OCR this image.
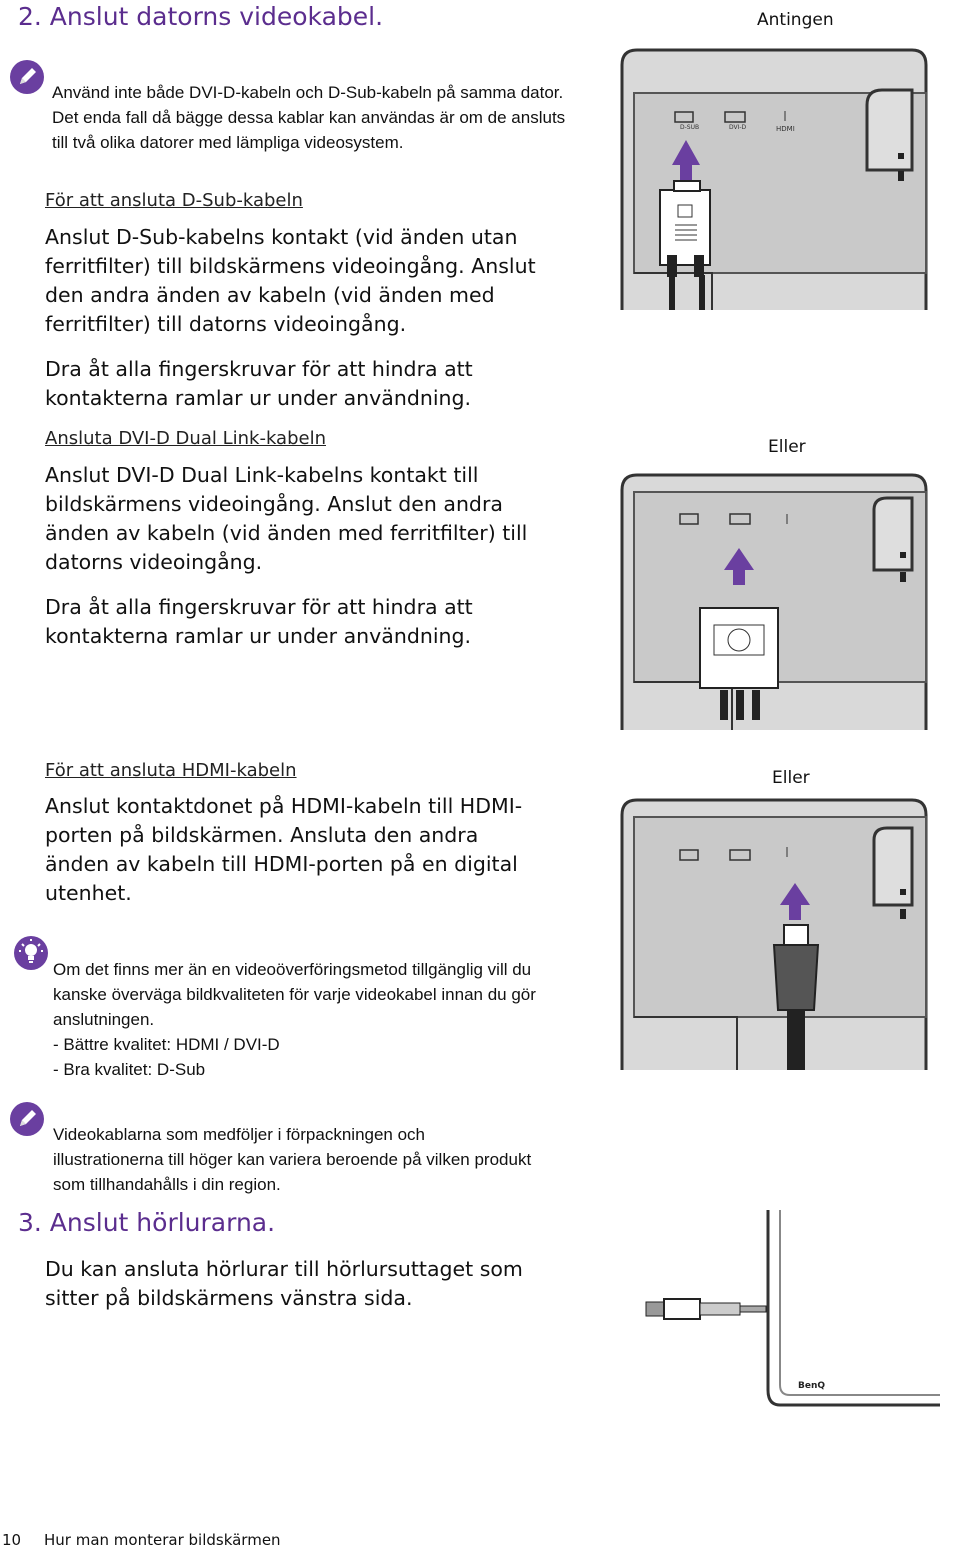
2. Anslut datorns videokabel.	Antingen
Använd inte både DVI-D-kabeln och D-Sub-kabeln på samma dator. Det enda fall då bägge dessa kablar kan användas är om de ansluts till två olika datorer med lämpliga videosystem.
För att ansluta D-Sub-kabeln
Anslut D-Sub-kabelns kontakt (vid änden utan ferritfilter) till bildskärmens videoingång. Anslut den andra änden av kabeln (vid änden med ferritfilter) till datorns videoingång.
Dra åt alla fingerskruvar för att hindra att kontakterna ramlar ur under användning.
Ansluta DVI-D Dual Link-kabeln
Anslut DVI-D Dual Link-kabelns kontakt till bildskärmens videoingång. Anslut den andra änden av kabeln (vid änden med ferritfilter) till datorns videoingång.
Dra åt alla fingerskruvar för att hindra att kontakterna ramlar ur under användning.
För att ansluta HDMI-kabeln
Anslut kontaktdonet på HDMI-kabeln till HDMI-porten på bildskärmen. Ansluta den andra änden av kabeln till HDMI-porten på en digital utenhet.
Om det finns mer än en videoöverföringsmetod tillgänglig vill du kanske överväga bildkvaliteten för varje videokabel innan du gör anslutningen.
- Bättre kvalitet: HDMI / DVI-D
- Bra kvalitet: D-Sub
Videokablarna som medföljer i förpackningen och illustrationerna till höger kan variera beroende på vilken produkt som tillhandahålls i din region.
3. Anslut hörlurarna.
Du kan ansluta hörlurar till hörlursuttaget som sitter på bildskärmens vänstra sida.
D-SUB	DVI-D	HDMI
Eller
Eller
BenQ
10 Hur man monterar bildskärmen
